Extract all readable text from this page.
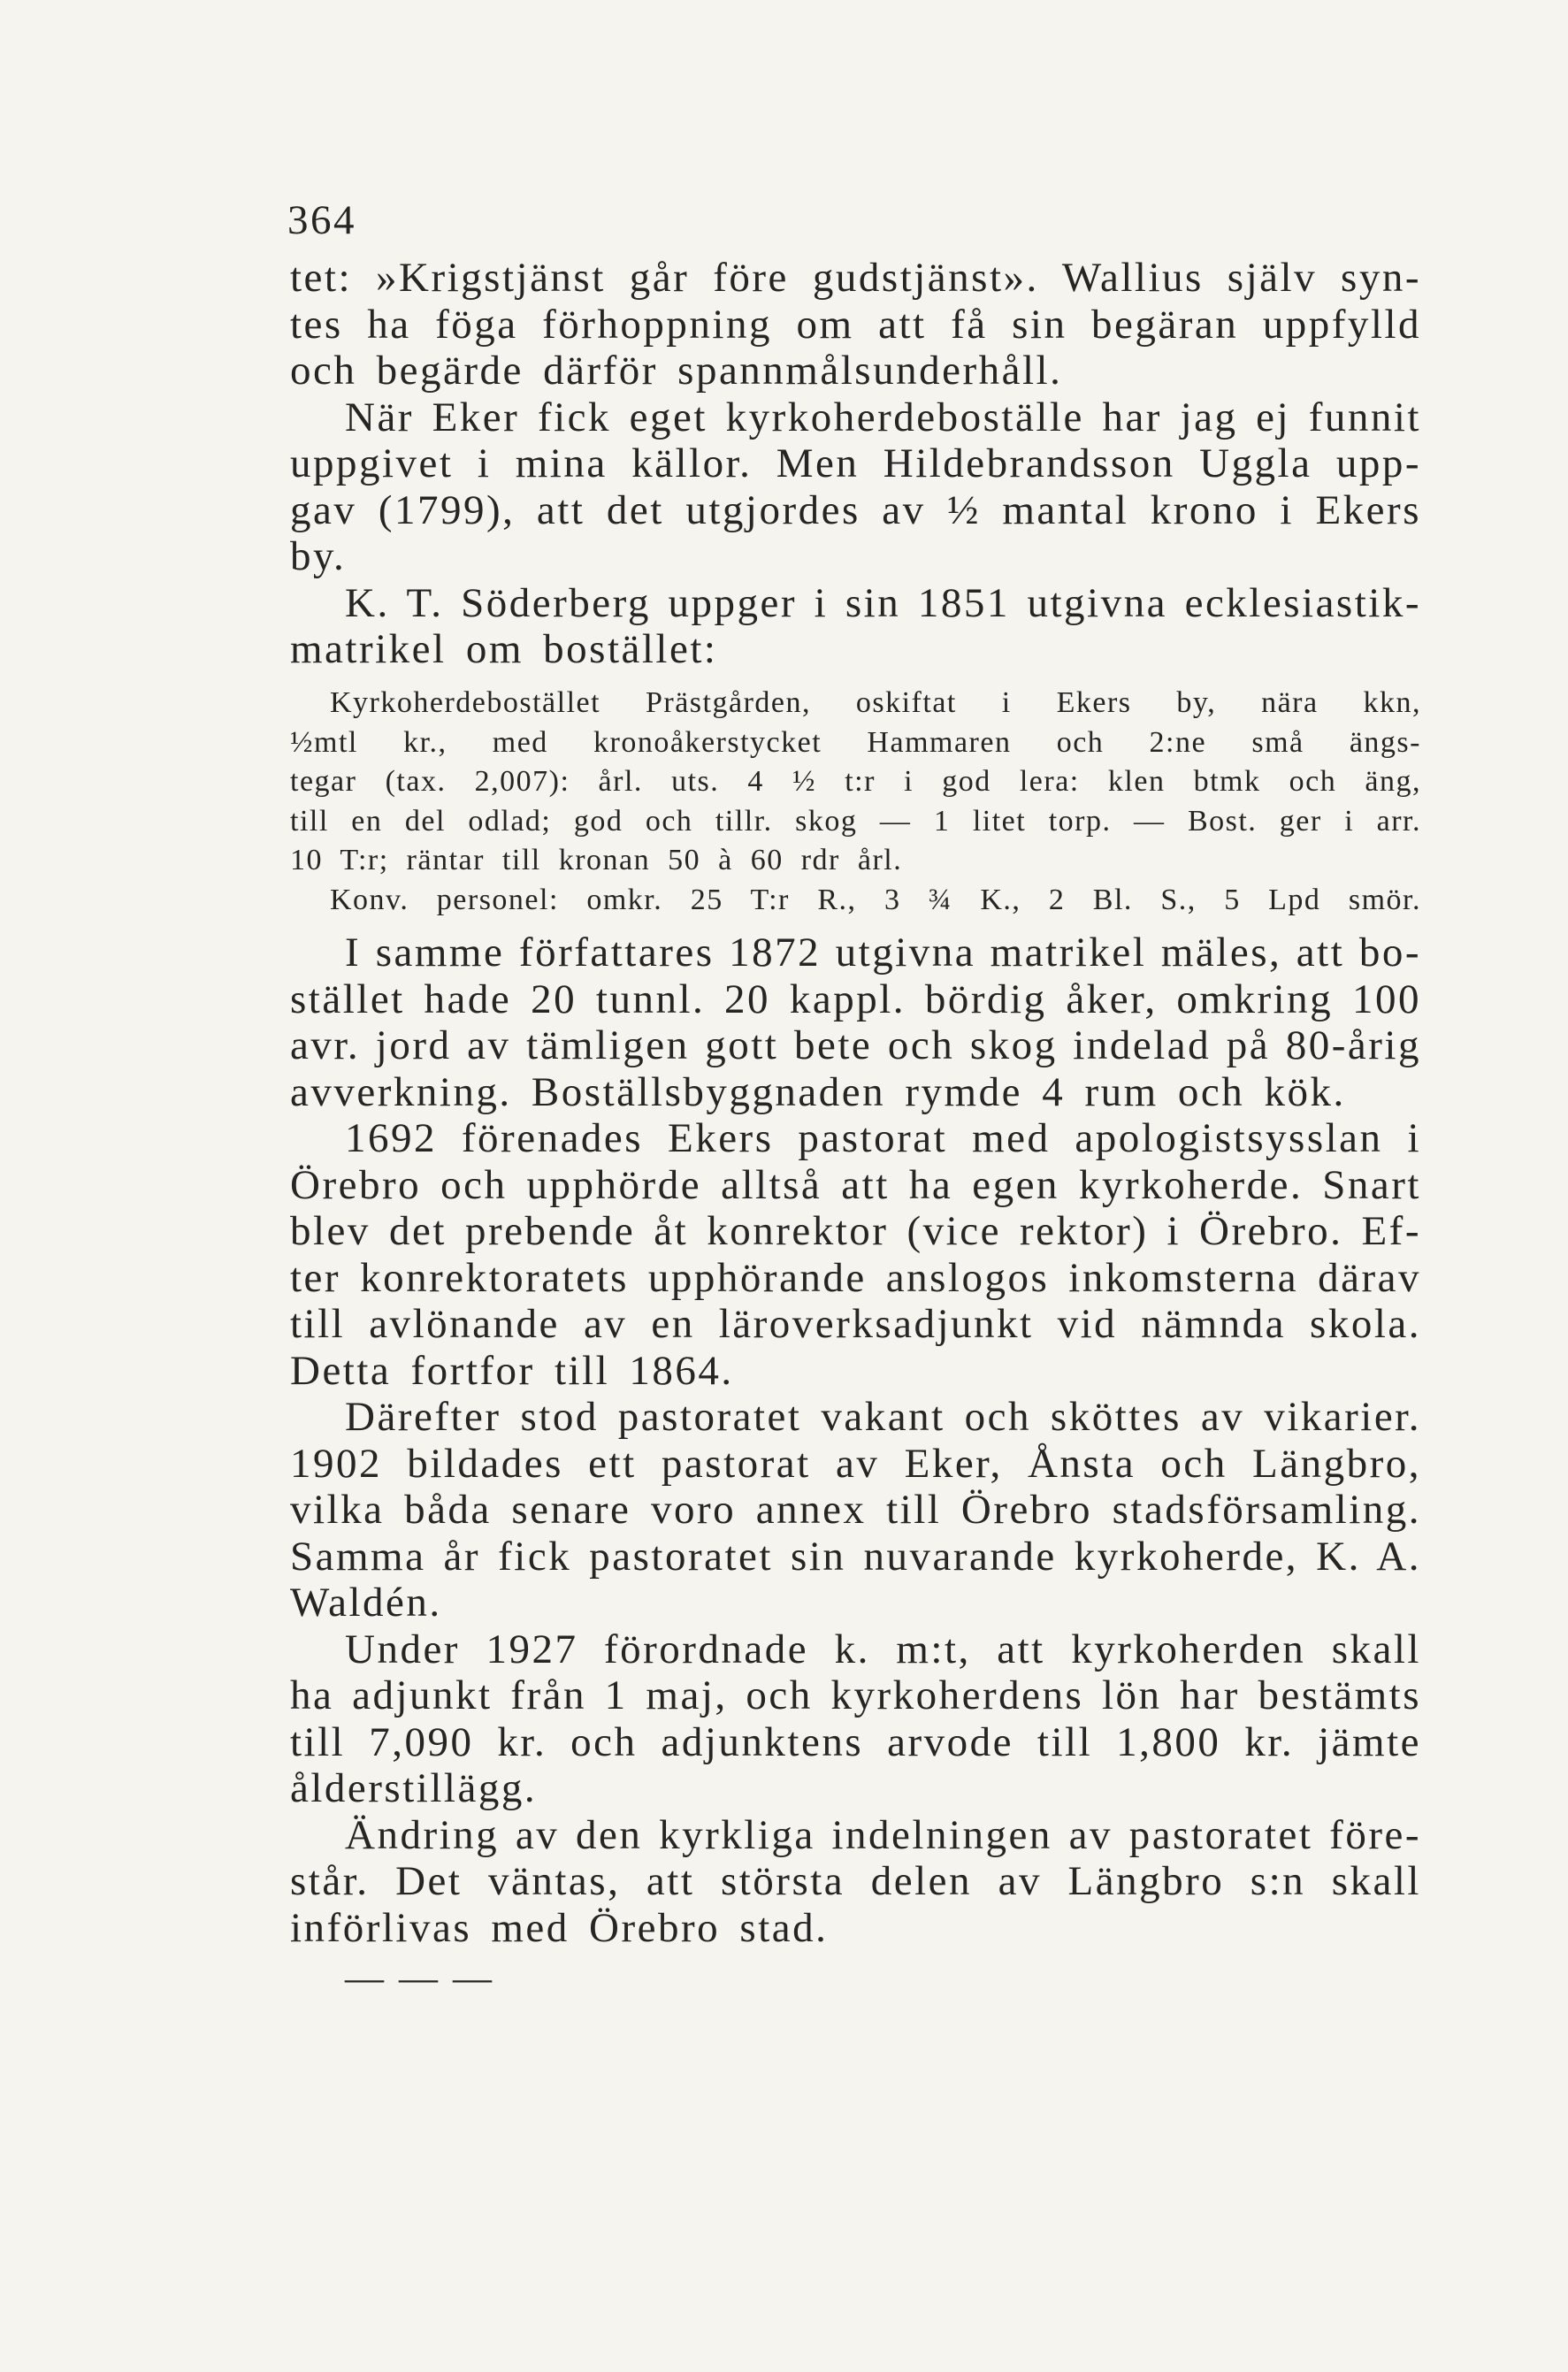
364
tet: »Krigstjänst går före gudstjänst». Wallius själv syn-
tes ha föga förhoppning om att få sin begäran uppfylld
och begärde därför spannmålsunderhåll.
När Eker fick eget kyrkoherdeboställe har jag ej funnit
uppgivet i mina källor. Men Hildebrandsson Uggla upp-
gav (1799), att det utgjordes av ½ mantal krono i Ekers
by.
K. T. Söderberg uppger i sin 1851 utgivna ecklesiastik-
matrikel om bostället:
Kyrkoherdebostället Prästgården, oskiftat i Ekers by, nära kkn,
½mtl kr., med kronoåkerstycket Hammaren och 2:ne små ängs-
tegar (tax. 2,007): årl. uts. 4 ½ t:r i god lera: klen btmk och äng,
till en del odlad; god och tillr. skog — 1 litet torp. — Bost. ger i arr.
10 T:r; räntar till kronan 50 à 60 rdr årl.
Konv. personel: omkr. 25 T:r R., 3 ¾ K., 2 Bl. S., 5 Lpd smör.
I samme författares 1872 utgivna matrikel mäles, att bo-
stället hade 20 tunnl. 20 kappl. bördig åker, omkring 100
avr. jord av tämligen gott bete och skog indelad på 80-årig
avverkning. Boställsbyggnaden rymde 4 rum och kök.
1692 förenades Ekers pastorat med apologistsysslan i
Örebro och upphörde alltså att ha egen kyrkoherde. Snart
blev det prebende åt konrektor (vice rektor) i Örebro. Ef-
ter konrektoratets upphörande anslogos inkomsterna därav
till avlönande av en läroverksadjunkt vid nämnda skola.
Detta fortfor till 1864.
Därefter stod pastoratet vakant och sköttes av vikarier.
1902 bildades ett pastorat av Eker, Ånsta och Längbro,
vilka båda senare voro annex till Örebro stadsförsamling.
Samma år fick pastoratet sin nuvarande kyrkoherde, K. A.
Waldén.
Under 1927 förordnade k. m:t, att kyrkoherden skall
ha adjunkt från 1 maj, och kyrkoherdens lön har bestämts
till 7,090 kr. och adjunktens arvode till 1,800 kr. jämte
ålderstillägg.
Ändring av den kyrkliga indelningen av pastoratet före-
står. Det väntas, att största delen av Längbro s:n skall
införlivas med Örebro stad.
— — —
